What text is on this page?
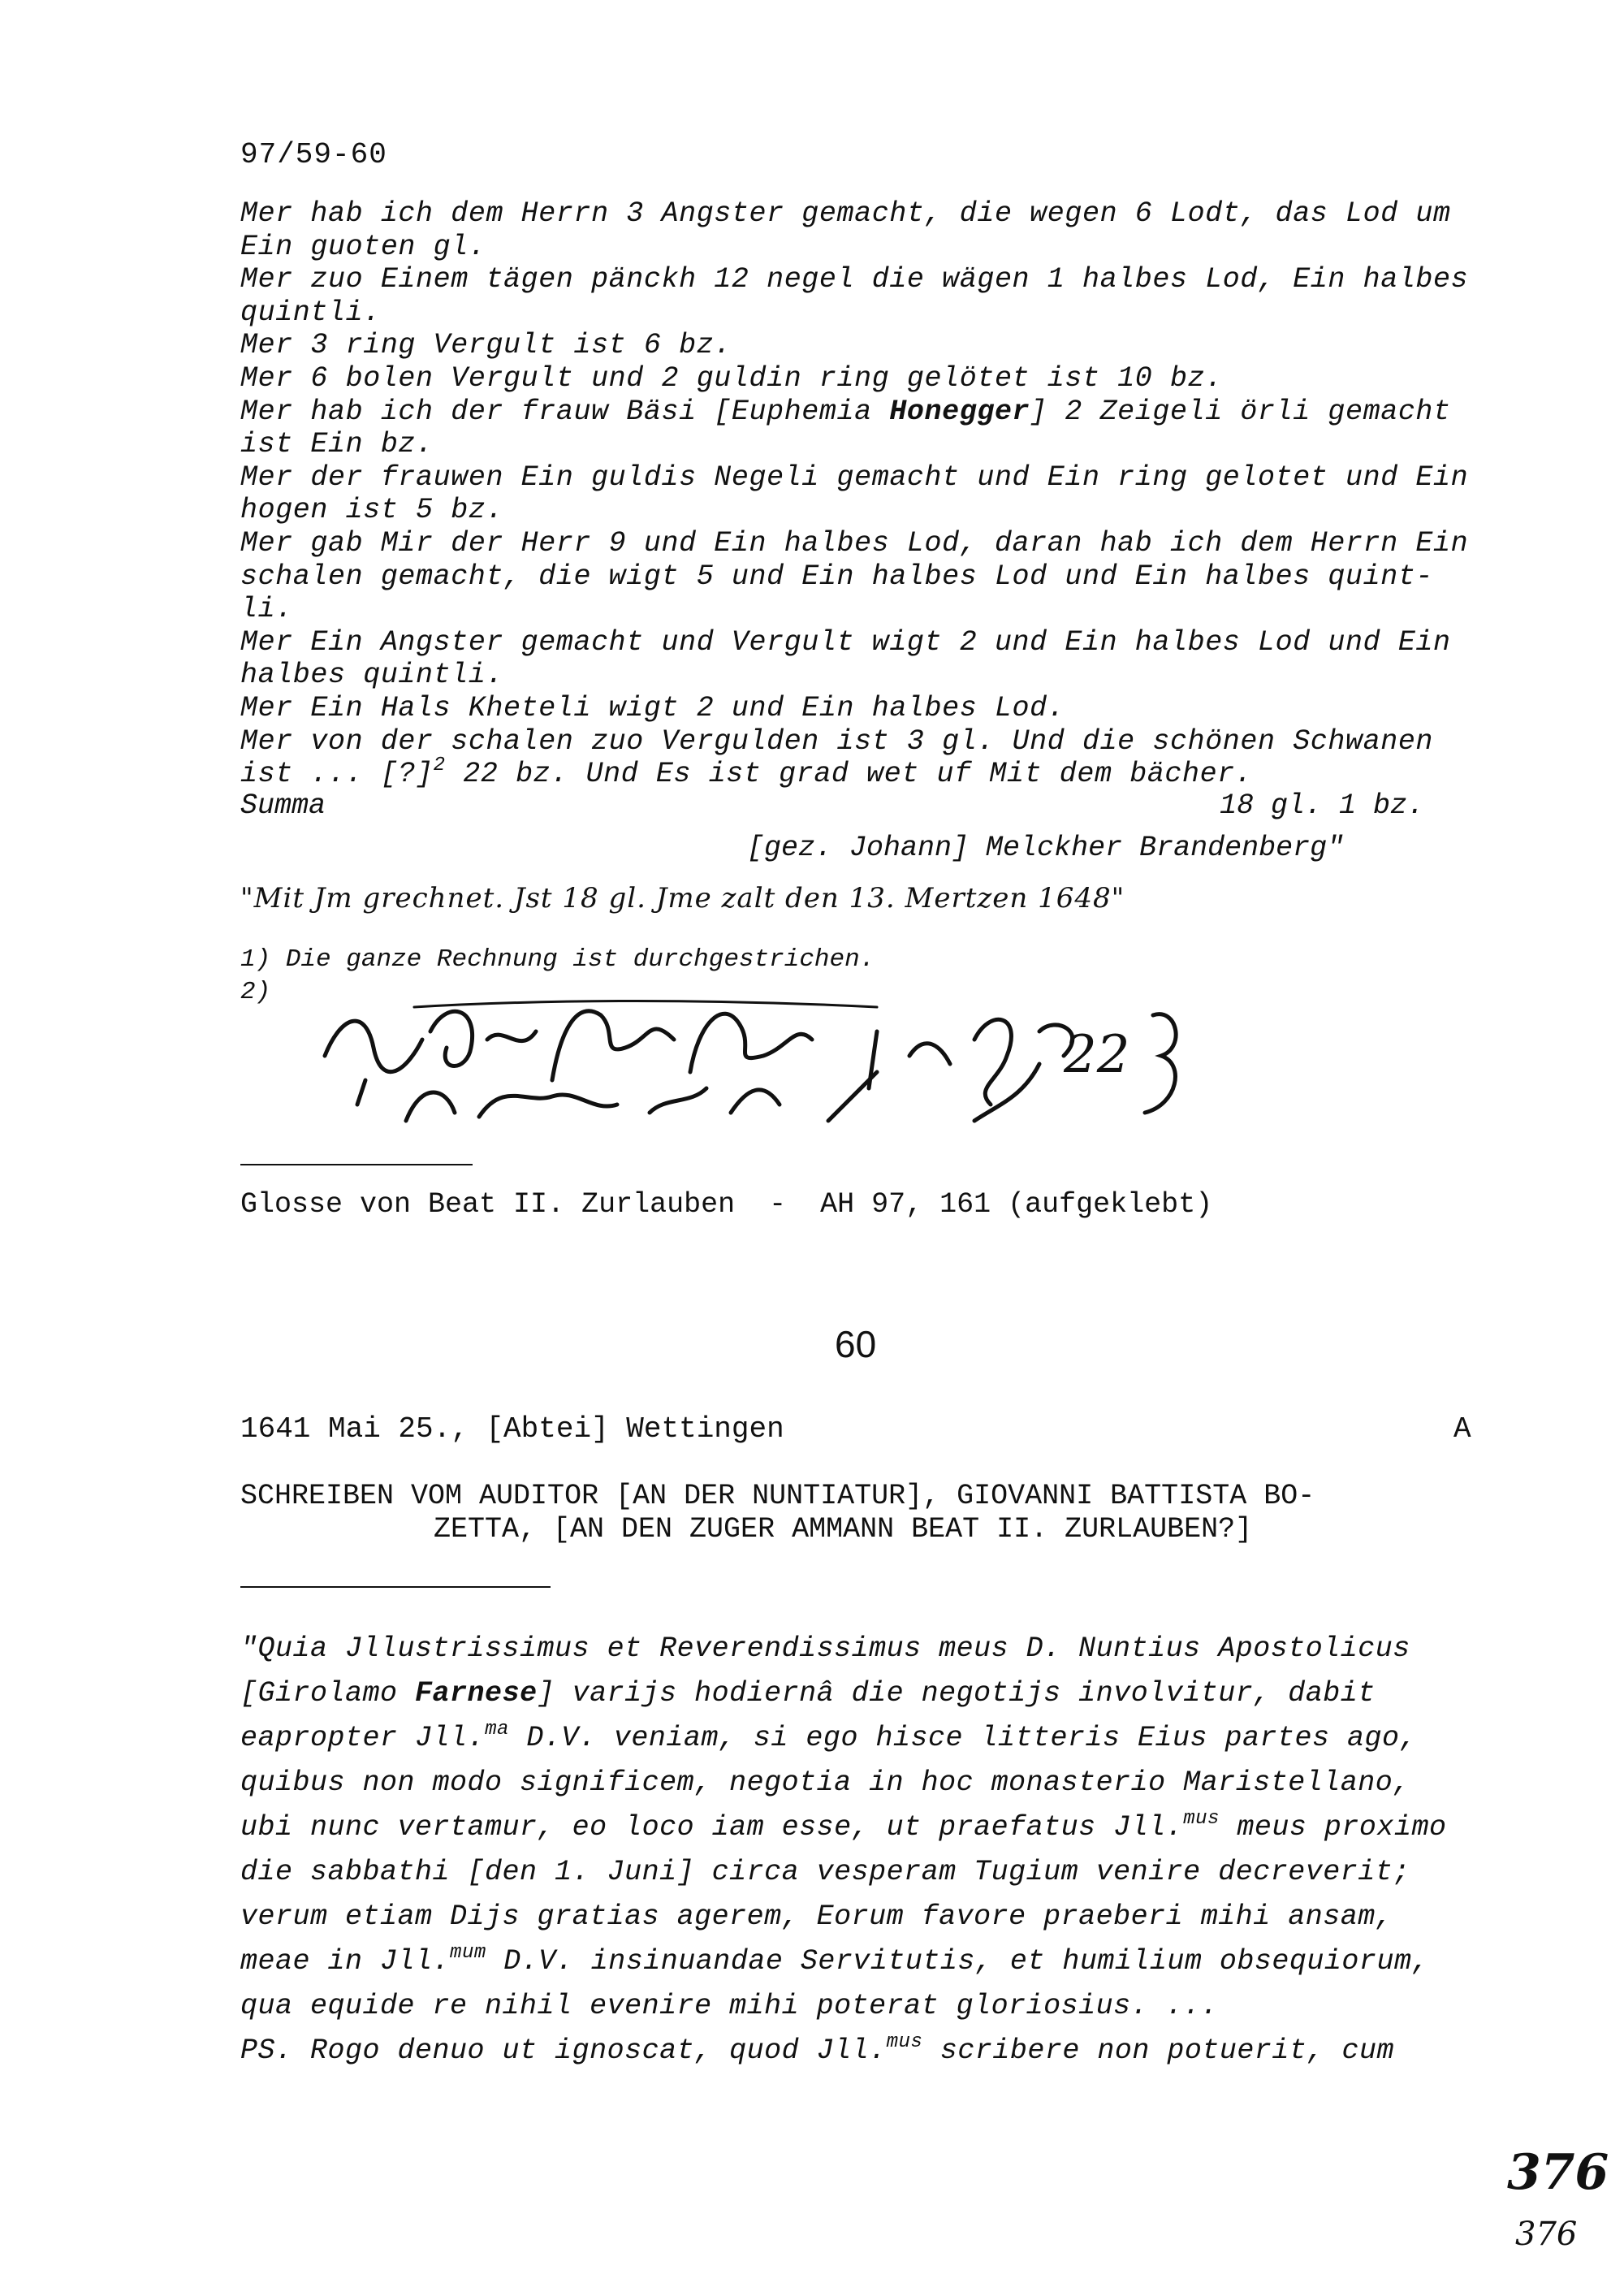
97/59-60
Mer hab ich dem Herrn 3 Angster gemacht, die wegen 6 Lodt, das Lod um
Ein guoten gl.
Mer zuo Einem tägen pänckh 12 negel die wägen 1 halbes Lod, Ein halbes
quintli.
Mer 3 ring Vergult ist 6 bz.
Mer 6 bolen Vergult und 2 guldin ring gelötet ist 10 bz.
Mer hab ich der frauw Bäsi [Euphemia Honegger] 2 Zeigeli örli gemacht
ist Ein bz.
Mer der frauwen Ein guldis Negeli gemacht und Ein ring gelotet und Ein
hogen ist 5 bz.
Mer gab Mir der Herr 9 und Ein halbes Lod, daran hab ich dem Herrn Ein
schalen gemacht, die wigt 5 und Ein halbes Lod und Ein halbes quint-
li.
Mer Ein Angster gemacht und Vergult wigt 2 und Ein halbes Lod und Ein
halbes quintli.
Mer Ein Hals Kheteli wigt 2 und Ein halbes Lod.
Mer von der schalen zuo Vergulden ist 3 gl. Und die schönen Schwanen
ist ... [?]$^2$ 22 bz. Und Es ist grad wet uf Mit dem bächer.
Summa	18 gl. 1 bz.
[gez. Johann] Melckher Brandenberg"
"Mit Jm grechnet. Jst 18 gl. Jme zalt den 13. Mertzen 1648"
1) Die ganze Rechnung ist durchgestrichen.
2)
22
Glosse von Beat II. Zurlauben  -  AH 97, 161 (aufgeklebt)
60
1641 Mai 25., [Abtei] Wettingen	A
SCHREIBEN VOM AUDITOR [AN DER NUNTIATUR], GIOVANNI BATTISTA BO-
ZETTA, [AN DEN ZUGER AMMANN BEAT II. ZURLAUBEN?]
"Quia Jllustrissimus et Reverendissimus meus D. Nuntius Apostolicus
[Girolamo Farnese] varijs hodiernâ die negotijs involvitur, dabit
eapropter Jll.$^{ma}$ D.V. veniam, si ego hisce litteris Eius partes ago,
quibus non modo significem, negotia in hoc monasterio Maristellano,
ubi nunc vertamur, eo loco iam esse, ut praefatus Jll.$^{mus}$ meus proximo
die sabbathi [den 1. Juni] circa vesperam Tugium venire decreverit;
verum etiam Dijs gratias agerem, Eorum favore praeberi mihi ansam,
meae in Jll.$^{mum}$ D.V. insinuandae Servitutis, et humilium obsequiorum,
qua equide re nihil evenire mihi poterat gloriosius. ...
PS. Rogo denuo ut ignoscat, quod Jll.$^{mus}$ scribere non potuerit, cum
376
376
